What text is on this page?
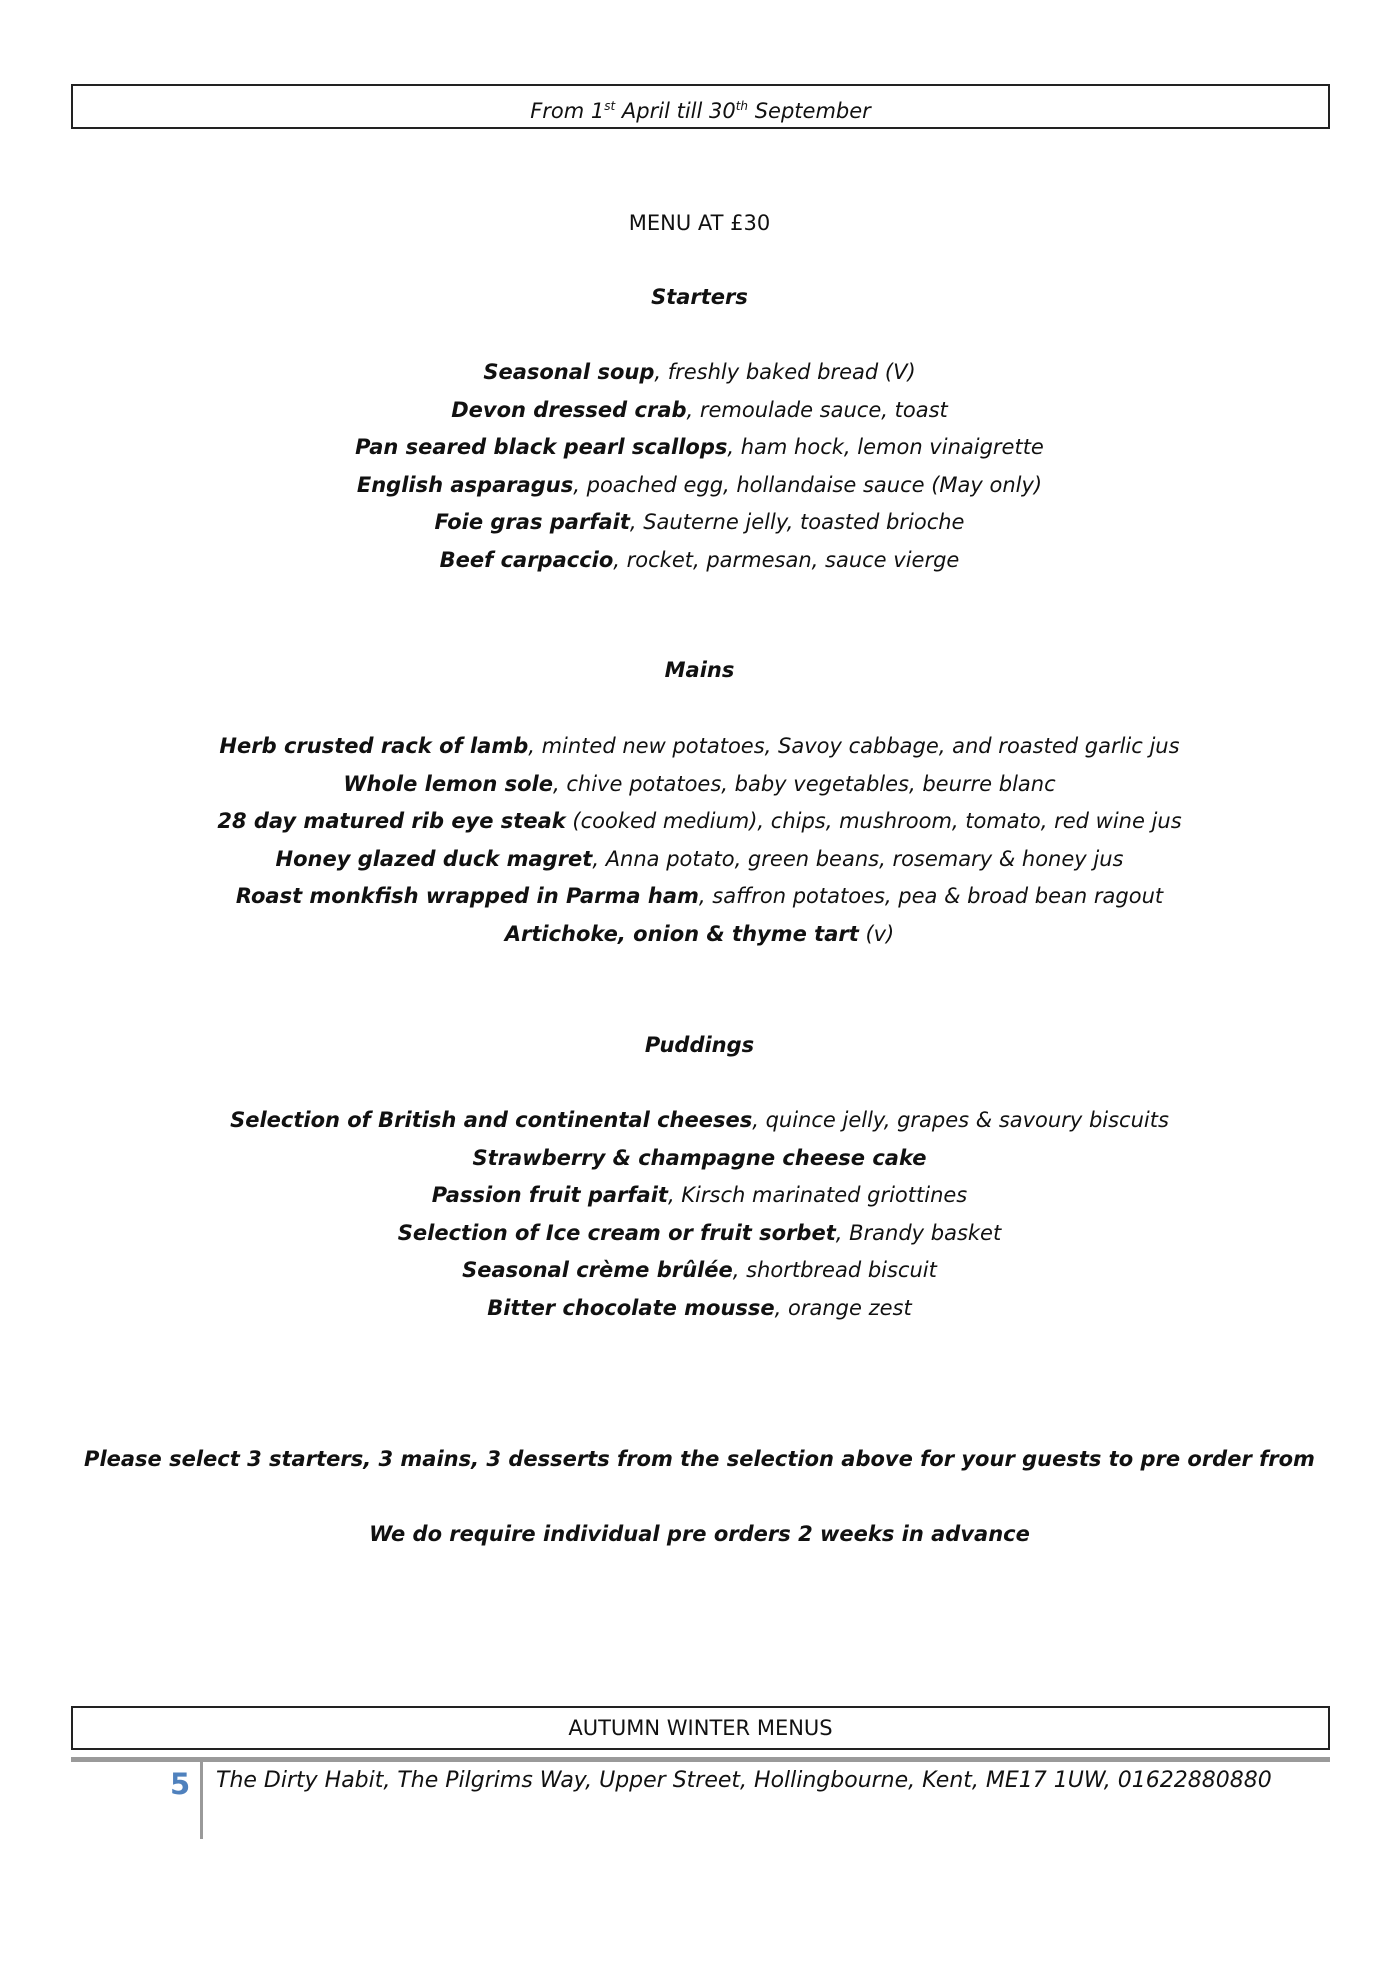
From 1st April till 30th September
MENU AT £30
Starters
Seasonal soup, freshly baked bread (V)
Devon dressed crab, remoulade sauce, toast
Pan seared black pearl scallops, ham hock, lemon vinaigrette
English asparagus, poached egg, hollandaise sauce (May only)
Foie gras parfait, Sauterne jelly, toasted brioche
Beef carpaccio, rocket, parmesan, sauce vierge
Mains
Herb crusted rack of lamb, minted new potatoes, Savoy cabbage, and roasted garlic jus
Whole lemon sole, chive potatoes, baby vegetables, beurre blanc
28 day matured rib eye steak (cooked medium), chips, mushroom, tomato, red wine jus
Honey glazed duck magret, Anna potato, green beans, rosemary & honey jus
Roast monkfish wrapped in Parma ham, saffron potatoes, pea & broad bean ragout
Artichoke, onion & thyme tart (v)
Puddings
Selection of British and continental cheeses, quince jelly, grapes & savoury biscuits
Strawberry & champagne cheese cake
Passion fruit parfait, Kirsch marinated griottines
Selection of Ice cream or fruit sorbet, Brandy basket
Seasonal crème brûlée, shortbread biscuit
Bitter chocolate mousse, orange zest
Please select 3 starters, 3 mains, 3 desserts from the selection above for your guests to pre order from
We do require individual pre orders 2 weeks in advance
AUTUMN WINTER MENUS
5 The Dirty Habit, The Pilgrims Way, Upper Street, Hollingbourne, Kent, ME17 1UW, 01622880880
